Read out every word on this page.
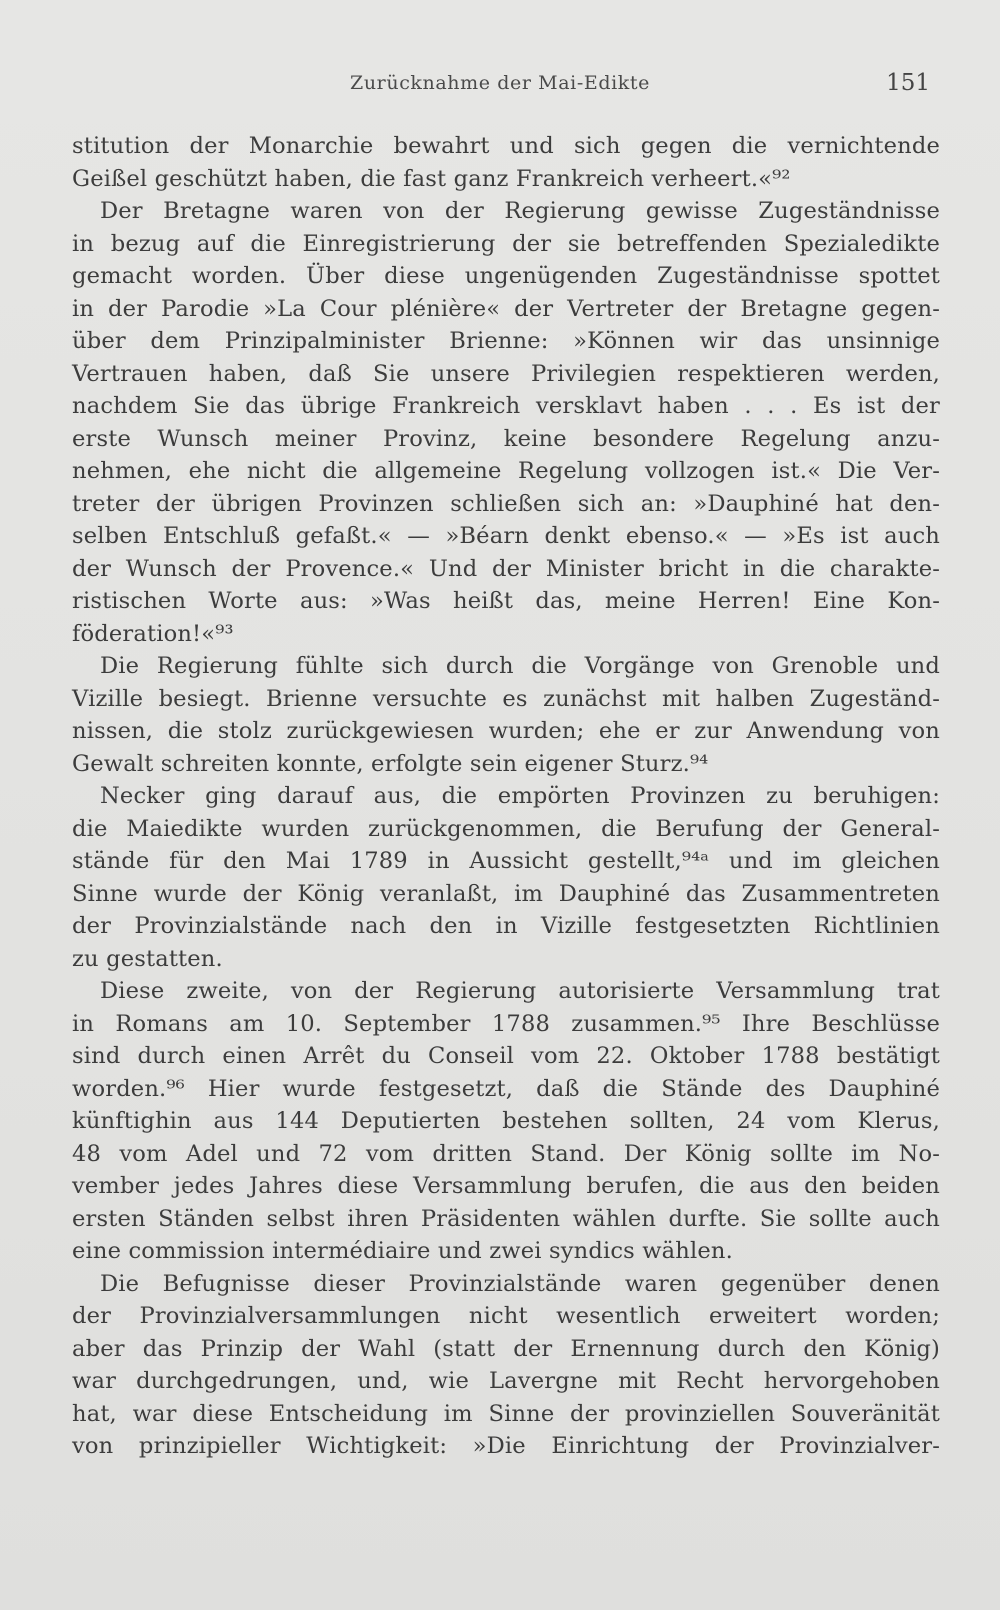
Zurücknahme der Mai-Edikte	151
stitution der Monarchie bewahrt und sich gegen die vernichtende
Geißel geschützt haben, die fast ganz Frankreich verheert.«⁹²
Der Bretagne waren von der Regierung gewisse Zugeständnisse
in bezug auf die Einregistrierung der sie betreffenden Spezialedikte
gemacht worden. Über diese ungenügenden Zugeständnisse spottet
in der Parodie »La Cour plénière« der Vertreter der Bretagne gegen-
über dem Prinzipalminister Brienne: »Können wir das unsinnige
Vertrauen haben, daß Sie unsere Privilegien respektieren werden,
nachdem Sie das übrige Frankreich versklavt haben . . . Es ist der
erste Wunsch meiner Provinz, keine besondere Regelung anzu-
nehmen, ehe nicht die allgemeine Regelung vollzogen ist.« Die Ver-
treter der übrigen Provinzen schließen sich an: »Dauphiné hat den-
selben Entschluß gefaßt.« — »Béarn denkt ebenso.« — »Es ist auch
der Wunsch der Provence.« Und der Minister bricht in die charakte-
ristischen Worte aus: »Was heißt das, meine Herren! Eine Kon-
föderation!«⁹³
Die Regierung fühlte sich durch die Vorgänge von Grenoble und
Vizille besiegt. Brienne versuchte es zunächst mit halben Zugeständ-
nissen, die stolz zurückgewiesen wurden; ehe er zur Anwendung von
Gewalt schreiten konnte, erfolgte sein eigener Sturz.⁹⁴
Necker ging darauf aus, die empörten Provinzen zu beruhigen:
die Maiedikte wurden zurückgenommen, die Berufung der General-
stände für den Mai 1789 in Aussicht gestellt,⁹⁴ᵃ und im gleichen
Sinne wurde der König veranlaßt, im Dauphiné das Zusammentreten
der Provinzialstände nach den in Vizille festgesetzten Richtlinien
zu gestatten.
Diese zweite, von der Regierung autorisierte Versammlung trat
in Romans am 10. September 1788 zusammen.⁹⁵ Ihre Beschlüsse
sind durch einen Arrêt du Conseil vom 22. Oktober 1788 bestätigt
worden.⁹⁶ Hier wurde festgesetzt, daß die Stände des Dauphiné
künftighin aus 144 Deputierten bestehen sollten, 24 vom Klerus,
48 vom Adel und 72 vom dritten Stand. Der König sollte im No-
vember jedes Jahres diese Versammlung berufen, die aus den beiden
ersten Ständen selbst ihren Präsidenten wählen durfte. Sie sollte auch
eine commission intermédiaire und zwei syndics wählen.
Die Befugnisse dieser Provinzialstände waren gegenüber denen
der Provinzialversammlungen nicht wesentlich erweitert worden;
aber das Prinzip der Wahl (statt der Ernennung durch den König)
war durchgedrungen, und, wie Lavergne mit Recht hervorgehoben
hat, war diese Entscheidung im Sinne der provinziellen Souveränität
von prinzipieller Wichtigkeit: »Die Einrichtung der Provinzialver-
